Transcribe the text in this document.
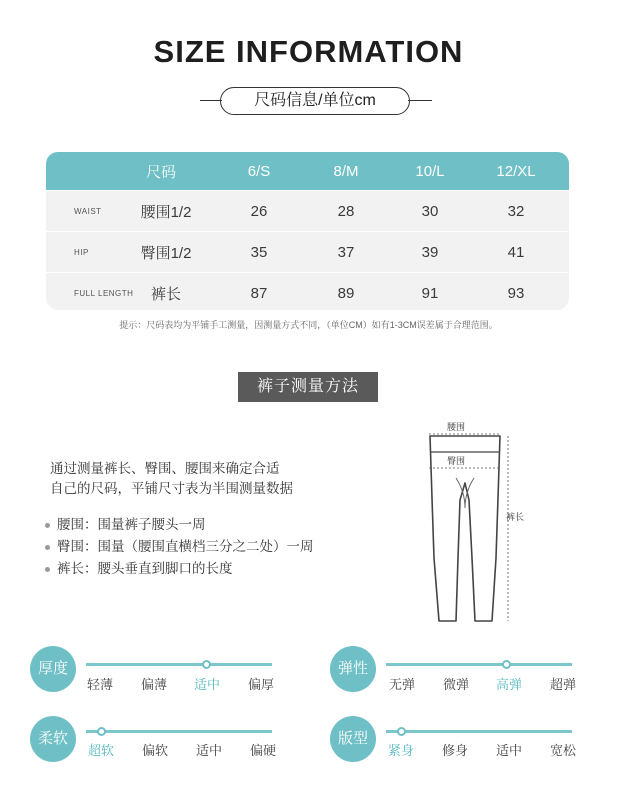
SIZE INFORMATION
尺码信息/单位cm
尺码	6/S	8/M	10/L	12/XL
WAIST	腰围1/2	26	28	30	32
HIP	臀围1/2	35	37	39	41
FULL LENGTH	裤长	87	89	91	93
提示：尺码表均为平铺手工测量，因测量方式不同，（单位CM）如有1-3CM误差属于合理范围。
裤子测量方法
通过测量裤长、臀围、腰围来确定合适
自己的尺码，平铺尺寸表为半围测量数据
腰围：围量裤子腰头一周
臀围：围量（腰围直横档三分之二处）一周
裤长：腰头垂直到脚口的长度
腰围
臀围
裤长
厚度
轻薄	偏薄	适中	偏厚
弹性
无弹	微弹	高弹	超弹
柔软
超软	偏软	适中	偏硬
版型
紧身	修身	适中	宽松
